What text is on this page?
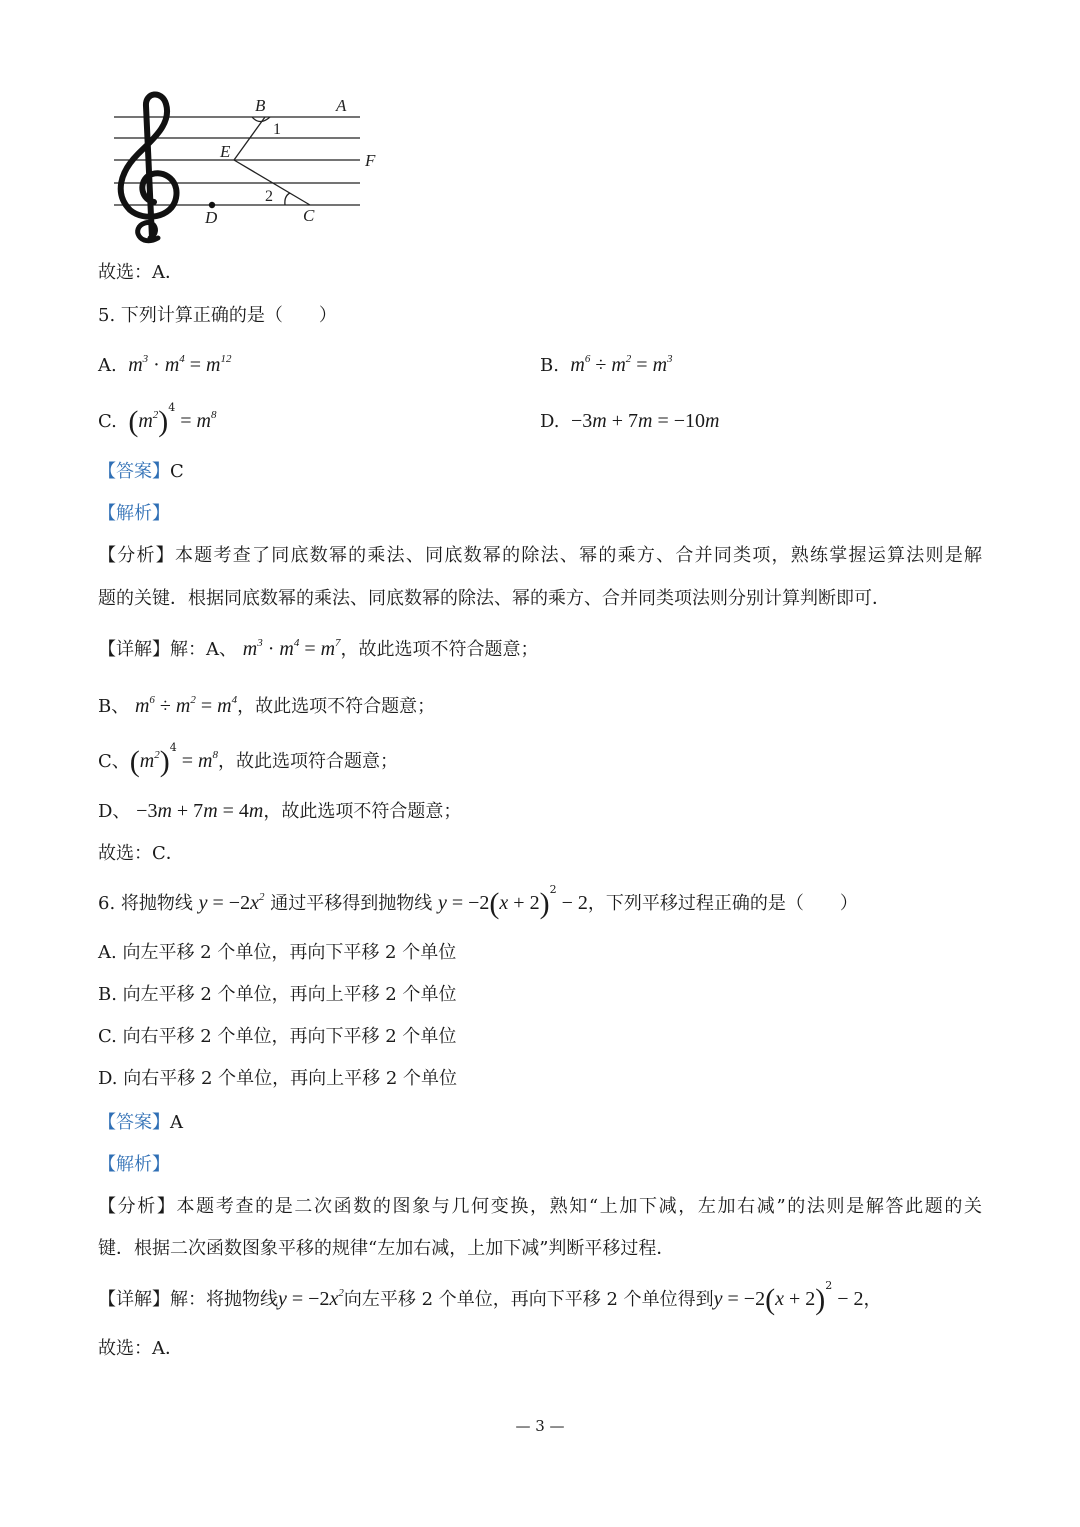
B	A
E	F
C
D
1
2
故选：A．
5. 下列计算正确的是（　　）
A. $m^3 \cdot m^4 = m^{12}$	B. $m^6 \div m^2 = m^3$
C. $(m^2)^4 = m^8$	D. −3m + 7m = −10m
【答案】C
【解析】
【分析】本题考查了同底数幂的乘法、同底数幂的除法、幂的乘方、合并同类项，熟练掌握运算法则是解
题的关键．根据同底数幂的乘法、同底数幂的除法、幂的乘方、合并同类项法则分别计算判断即可．
【详解】解：A、 $m^3 \cdot m^4 = m^7$，故此选项不符合题意；
B、 $m^6 \div m^2 = m^4$，故此选项不符合题意；
C、$(m^2)^4 = m^8$，故此选项符合题意；
D、 −3m + 7m = 4m，故此选项不符合题意；
故选：C．
6. 将抛物线 $y = -2x^2$ 通过平移得到抛物线 $y = -2(x + 2)^2 - 2$，下列平移过程正确的是（　　）
A. 向左平移 2 个单位，再向下平移 2 个单位
B. 向左平移 2 个单位，再向上平移 2 个单位
C. 向右平移 2 个单位，再向下平移 2 个单位
D. 向右平移 2 个单位，再向上平移 2 个单位
【答案】A
【解析】
【分析】本题考查的是二次函数的图象与几何变换，熟知“上加下减，左加右减”的法则是解答此题的关
键．根据二次函数图象平移的规律“左加右减，上加下减”判断平移过程．
【详解】解：将抛物线$y = -2x^2$向左平移 2 个单位，再向下平移 2 个单位得到$y = -2(x + 2)^2 - 2$，
故选：A．
— 3 —
